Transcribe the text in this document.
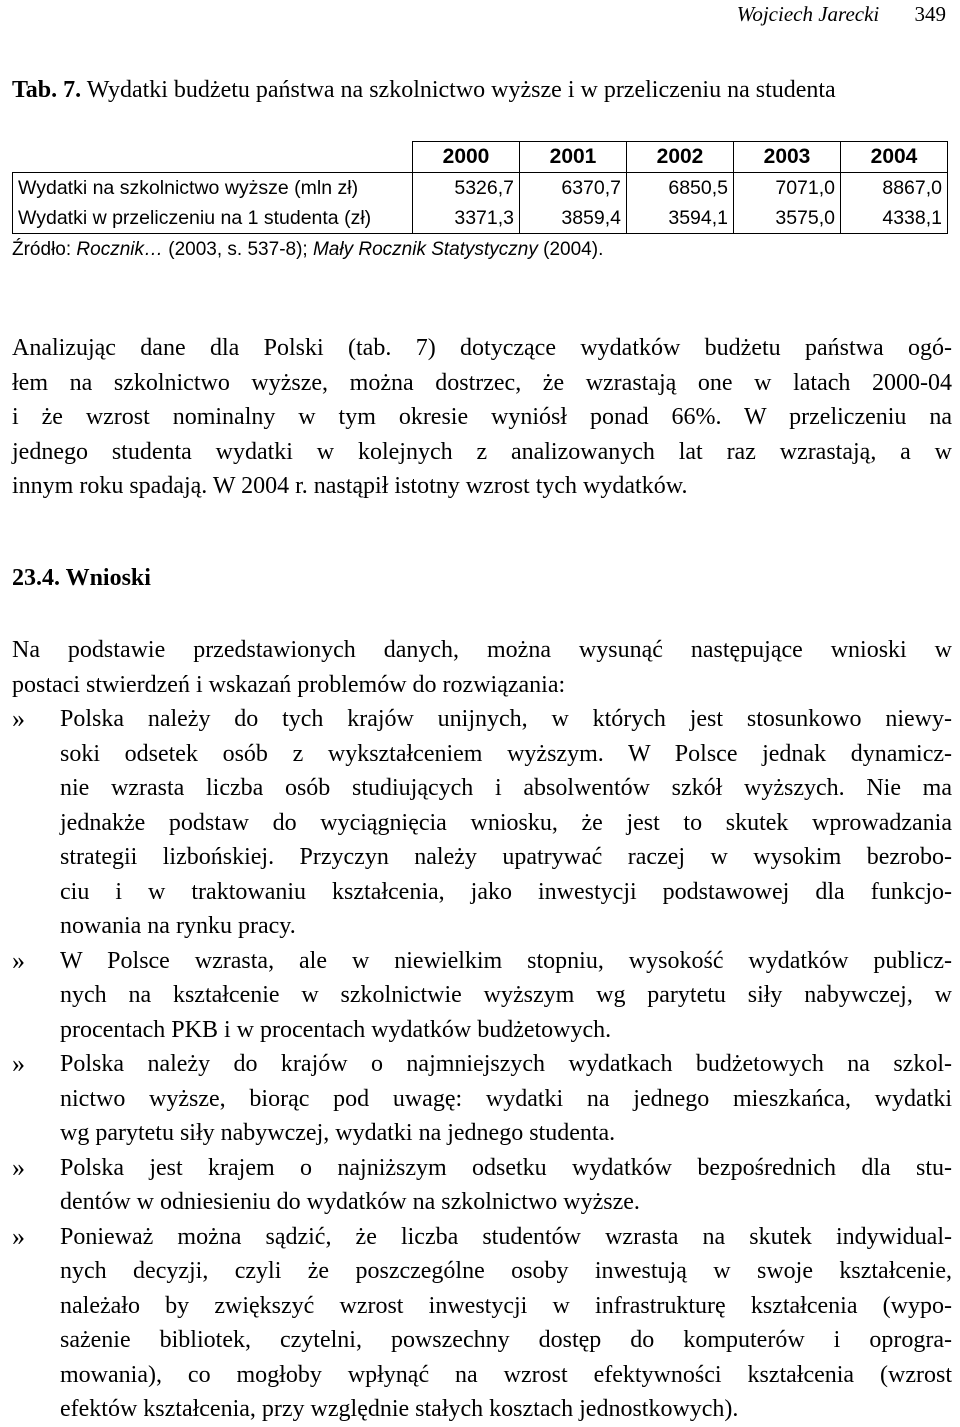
Wojciech Jarecki 349
Tab. 7. Wydatki budżetu państwa na szkolnictwo wyższe i w przeliczeniu na studenta
	2000	2001	2002	2003	2004
Wydatki na szkolnictwo wyższe (mln zł)	5326,7	6370,7	6850,5	7071,0	8867,0
Wydatki w przeliczeniu na 1 studenta (zł)	3371,3	3859,4	3594,1	3575,0	4338,1
Źródło: Rocznik… (2003, s. 537-8); Mały Rocznik Statystyczny (2004).
Analizując dane dla Polski (tab. 7) dotyczące wydatków budżetu państwa ogó-
łem na szkolnictwo wyższe, można dostrzec, że wzrastają one w latach 2000-04
i że wzrost nominalny w tym okresie wyniósł ponad 66%. W przeliczeniu na
jednego studenta wydatki w kolejnych z analizowanych lat raz wzrastają, a w
innym roku spadają. W 2004 r. nastąpił istotny wzrost tych wydatków.
23.4. Wnioski
Na podstawie przedstawionych danych, można wysunąć następujące wnioski w
postaci stwierdzeń i wskazań problemów do rozwiązania:
» Polska należy do tych krajów unijnych, w których jest stosunkowo niewy-
soki odsetek osób z wykształceniem wyższym. W Polsce jednak dynamicz-
nie wzrasta liczba osób studiujących i absolwentów szkół wyższych. Nie ma
jednakże podstaw do wyciągnięcia wniosku, że jest to skutek wprowadzania
strategii lizbońskiej. Przyczyn należy upatrywać raczej w wysokim bezrobo-
ciu i w traktowaniu kształcenia, jako inwestycji podstawowej dla funkcjo-
nowania na rynku pracy.
» W Polsce wzrasta, ale w niewielkim stopniu, wysokość wydatków publicz-
nych na kształcenie w szkolnictwie wyższym wg parytetu siły nabywczej, w
procentach PKB i w procentach wydatków budżetowych.
» Polska należy do krajów o najmniejszych wydatkach budżetowych na szkol-
nictwo wyższe, biorąc pod uwagę: wydatki na jednego mieszkańca, wydatki
wg parytetu siły nabywczej, wydatki na jednego studenta.
» Polska jest krajem o najniższym odsetku wydatków bezpośrednich dla stu-
dentów w odniesieniu do wydatków na szkolnictwo wyższe.
» Ponieważ można sądzić, że liczba studentów wzrasta na skutek indywidual-
nych decyzji, czyli że poszczególne osoby inwestują w swoje kształcenie,
należało by zwiększyć wzrost inwestycji w infrastrukturę kształcenia (wypo-
sażenie bibliotek, czytelni, powszechny dostęp do komputerów i oprogra-
mowania), co mogłoby wpłynąć na wzrost efektywności kształcenia (wzrost
efektów kształcenia, przy względnie stałych kosztach jednostkowych).
